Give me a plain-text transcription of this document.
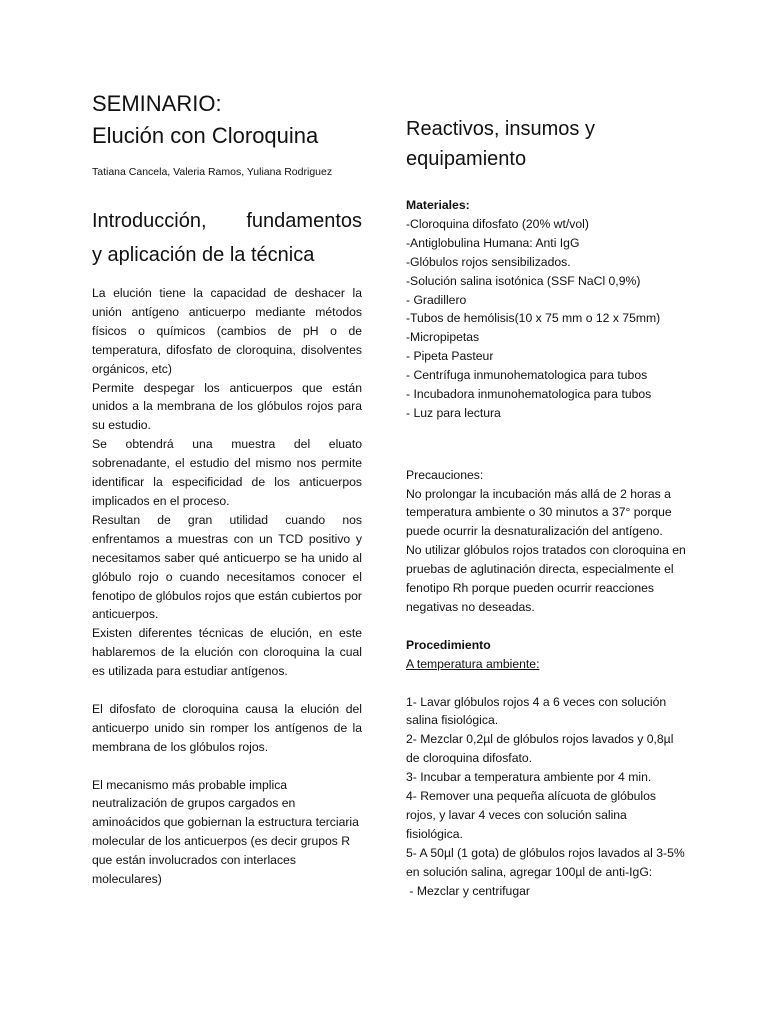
SEMINARIO:
Elución con Cloroquina
Tatiana Cancela, Valeria Ramos, Yuliana Rodriguez
Introducción, fundamentos
y aplicación de la técnica

La elución tiene la capacidad de deshacer la unión antígeno anticuerpo mediante métodos físicos o químicos (cambios de pH o de temperatura, difosfato de cloroquina, disolventes orgánicos, etc)

Permite despegar los anticuerpos que están unidos a la membrana de los glóbulos rojos para su estudio.

Se obtendrá una muestra del eluato sobrenadante, el estudio del mismo nos permite identificar la especificidad de los anticuerpos implicados en el proceso.

Resultan de gran utilidad cuando nos enfrentamos a muestras con un TCD positivo y necesitamos saber qué anticuerpo se ha unido al glóbulo rojo o cuando necesitamos conocer el fenotipo de glóbulos rojos que están cubiertos por anticuerpos.

Existen diferentes técnicas de elución, en este hablaremos de la elución con cloroquina la cual es utilizada para estudiar antígenos.

El difosfato de cloroquina causa la elución del anticuerpo unido sin romper los antígenos de la membrana de los glóbulos rojos.

El mecanismo más probable implica neutralización de grupos cargados en aminoácidos que gobiernan la estructura terciaria molecular de los anticuerpos (es decir grupos R que están involucrados con interlaces moleculares)

Reactivos, insumos y
equipamiento

Materiales:

-Cloroquina difosfato (20% wt/vol)

-Antiglobulina Humana: Anti IgG

-Glóbulos rojos sensibilizados.

-Solución salina isotónica (SSF NaCl 0,9%)

- Gradillero

-Tubos de hemólisis(10 x 75 mm o 12 x 75mm)

-Micropipetas

- Pipeta Pasteur

- Centrífuga inmunohematologica para tubos

- Incubadora inmunohematologica para tubos

- Luz para lectura

Precauciones:

No prolongar la incubación más allá de 2 horas a temperatura ambiente o 30 minutos a 37° porque puede ocurrir la desnaturalización del antígeno.

No utilizar glóbulos rojos tratados con cloroquina en pruebas de aglutinación directa, especialmente el fenotipo Rh porque pueden ocurrir reacciones negativas no deseadas.

Procedimiento

A temperatura ambiente:

1- Lavar glóbulos rojos 4 a 6 veces con solución salina fisiológica.

2- Mezclar 0,2µl de glóbulos rojos lavados y 0,8µl de cloroquina difosfato.

3- Incubar a temperatura ambiente por 4 min.

4- Remover una pequeña alícuota de glóbulos rojos, y lavar 4 veces con solución salina fisiológica.

5- A 50µl (1 gota) de glóbulos rojos lavados al 3-5% en solución salina, agregar 100µl de anti-IgG:

- Mezclar y centrifugar
